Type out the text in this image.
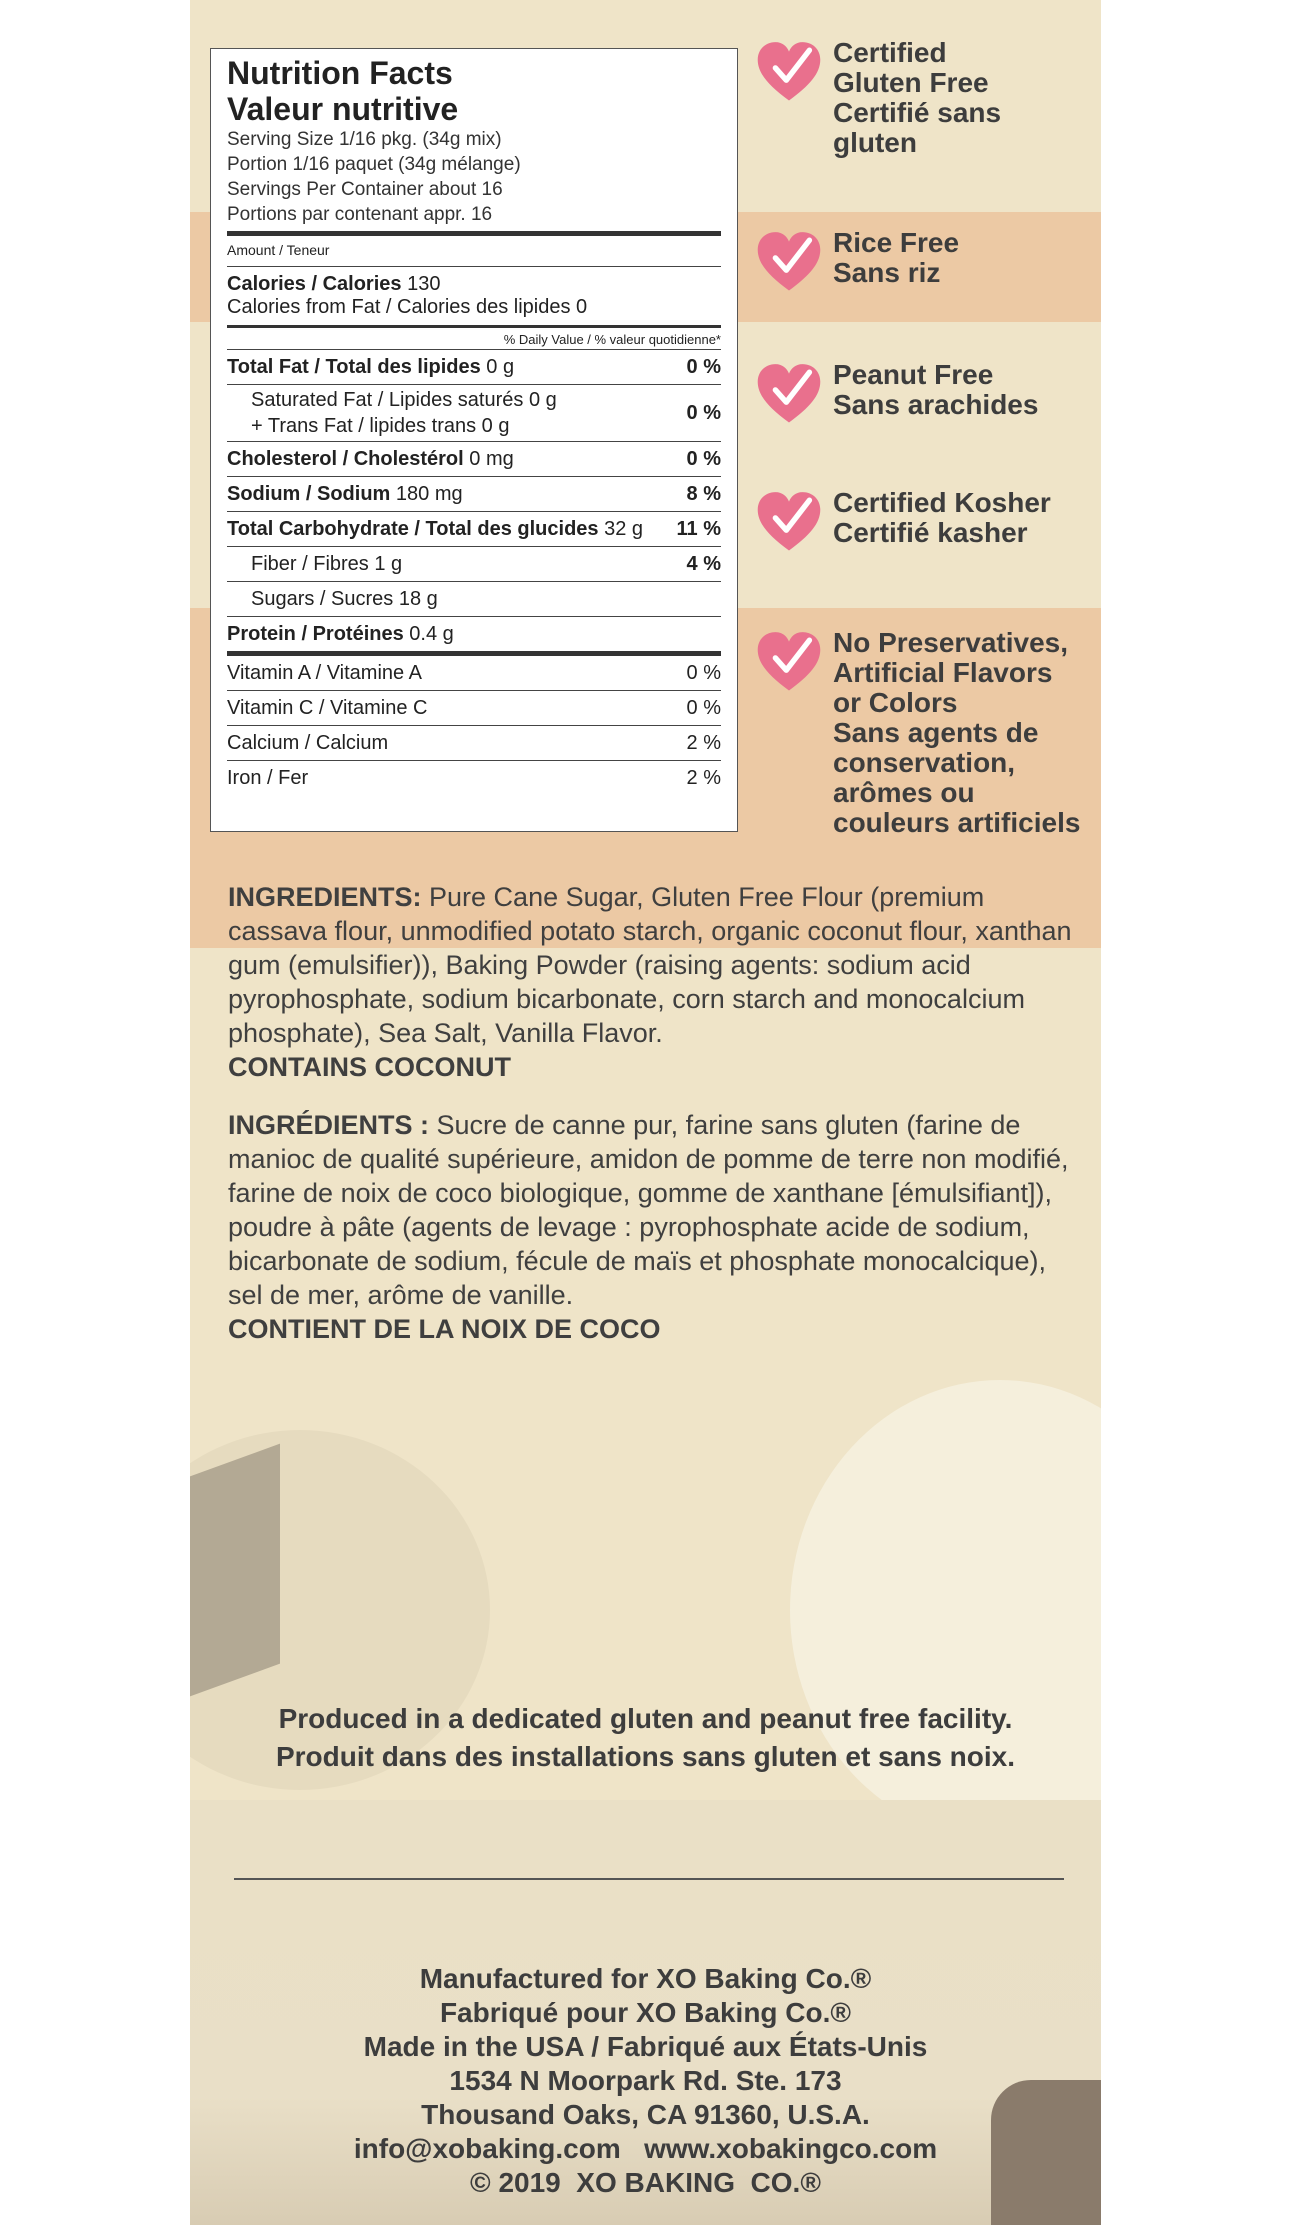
Nutrition Facts
Valeur nutritive
Serving Size 1/16 pkg. (34g mix)
Portion 1/16 paquet (34g mélange)
Servings Per Container about 16
Portions par contenant appr. 16
Amount / Teneur
Calories / Calories 130
Calories from Fat / Calories des lipides 0
% Daily Value / % valeur quotidienne*
Total Fat / Total des lipides 0 g	0 %
Saturated Fat / Lipides saturés 0 g
+ Trans Fat / lipides trans 0 g
0 %
Cholesterol / Cholestérol 0 mg	0 %
Sodium / Sodium 180 mg	8 %
Total Carbohydrate / Total des glucides 32 g 11 %
Fiber / Fibres 1 g	4 %
Sugars / Sucres 18 g
Protein / Protéines 0.4 g
Vitamin A / Vitamine A	0 %
Vitamin C / Vitamine C	0 %
Calcium / Calcium	2 %
Iron / Fer	2 %
Certified
Gluten Free
Certifié sans
gluten
Rice Free
Sans riz
Peanut Free
Sans arachides
Certified Kosher
Certifié kasher
No Preservatives,
Artificial Flavors
or Colors
Sans agents de
conservation,
arômes ou
couleurs artificiels
INGREDIENTS: Pure Cane Sugar, Gluten Free Flour (premium cassava flour, unmodified potato starch, organic coconut flour, xanthan gum (emulsifier)), Baking Powder (raising agents: sodium acid pyrophosphate, sodium bicarbonate, corn starch and monocalcium phosphate), Sea Salt, Vanilla Flavor.
CONTAINS COCONUT
INGRÉDIENTS : Sucre de canne pur, farine sans gluten (farine de manioc de qualité supérieure, amidon de pomme de terre non modifié, farine de noix de coco biologique, gomme de xanthane [émulsifiant]), poudre à pâte (agents de levage : pyrophosphate acide de sodium, bicarbonate de sodium, fécule de maïs et phosphate monocalcique), sel de mer, arôme de vanille.
CONTIENT DE LA NOIX DE COCO
Produced in a dedicated gluten and peanut free facility.
Produit dans des installations sans gluten et sans noix.
Manufactured for XO Baking Co.®
Fabriqué pour XO Baking Co.®
Made in the USA / Fabriqué aux États-Unis
1534 N Moorpark Rd. Ste. 173
Thousand Oaks, CA 91360, U.S.A.
info@xobaking.com   www.xobakingco.com
© 2019  XO BAKING  CO.®
